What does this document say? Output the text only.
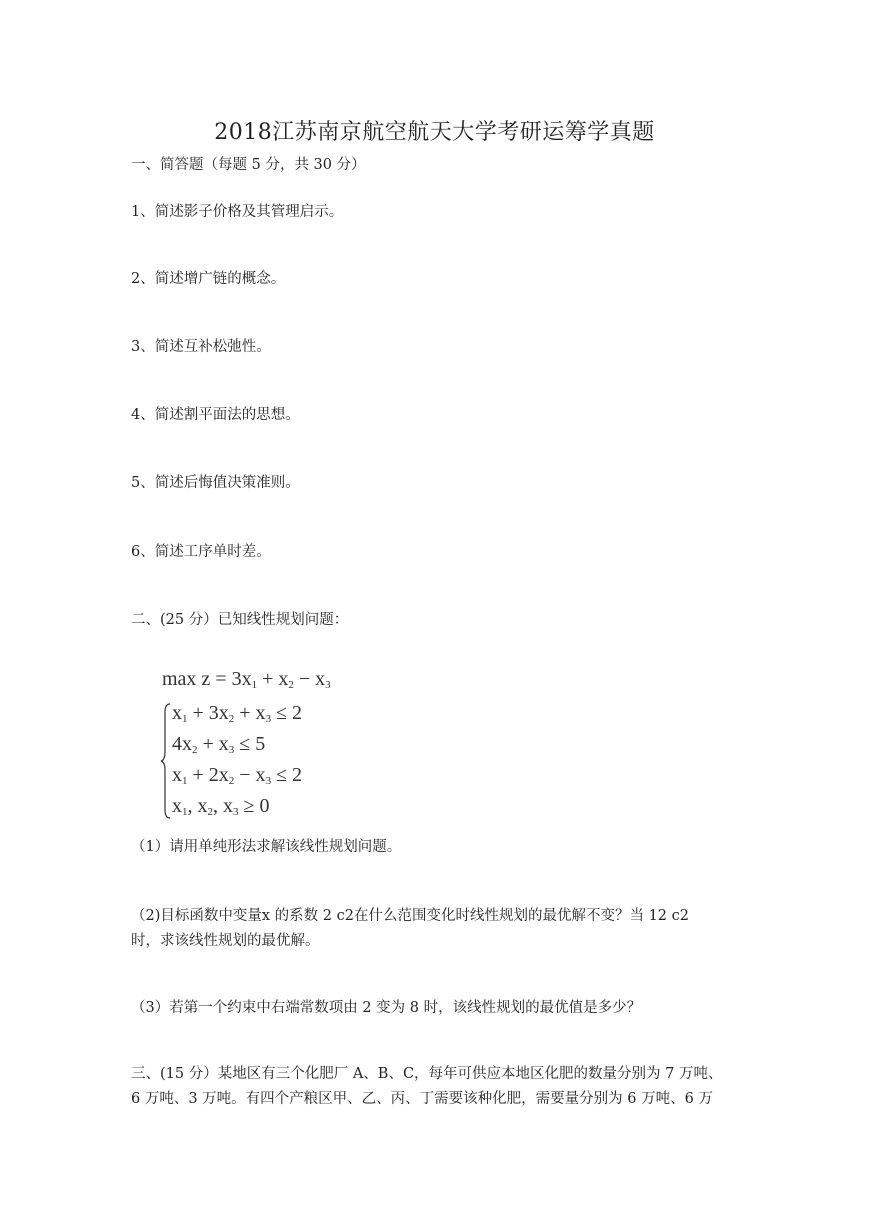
2018江苏南京航空航天大学考研运筹学真题
一、简答题（每题 5 分，共 30 分）
1、简述影子价格及其管理启示。
2、简述增广链的概念。
3、简述互补松弛性。
4、简述割平面法的思想。
5、简述后悔值决策准则。
6、简述工序单时差。
二、(25 分）已知线性规划问题：
$\max z = 3x_1 + x_2 - x_3$
$x_1 + 3x_2 + x_3 \le 2$
$4x_2 + x_3 \le 5$
$x_1 + 2x_2 - x_3 \le 2$
$x_1$, $x_2$, $x_3 \ge 0$
（1）请用单纯形法求解该线性规划问题。
（2)目标函数中变量x 的系数 2 c2在什么范围变化时线性规划的最优解不变？当 12 c2
时，求该线性规划的最优解。
（3）若第一个约束中右端常数项由 2 变为 8 时，该线性规划的最优值是多少？
三、(15 分）某地区有三个化肥厂 A、B、C，每年可供应本地区化肥的数量分别为 7 万吨、
6 万吨、3 万吨。有四个产粮区甲、乙、丙、丁需要该种化肥，需要量分别为 6 万吨、6 万
